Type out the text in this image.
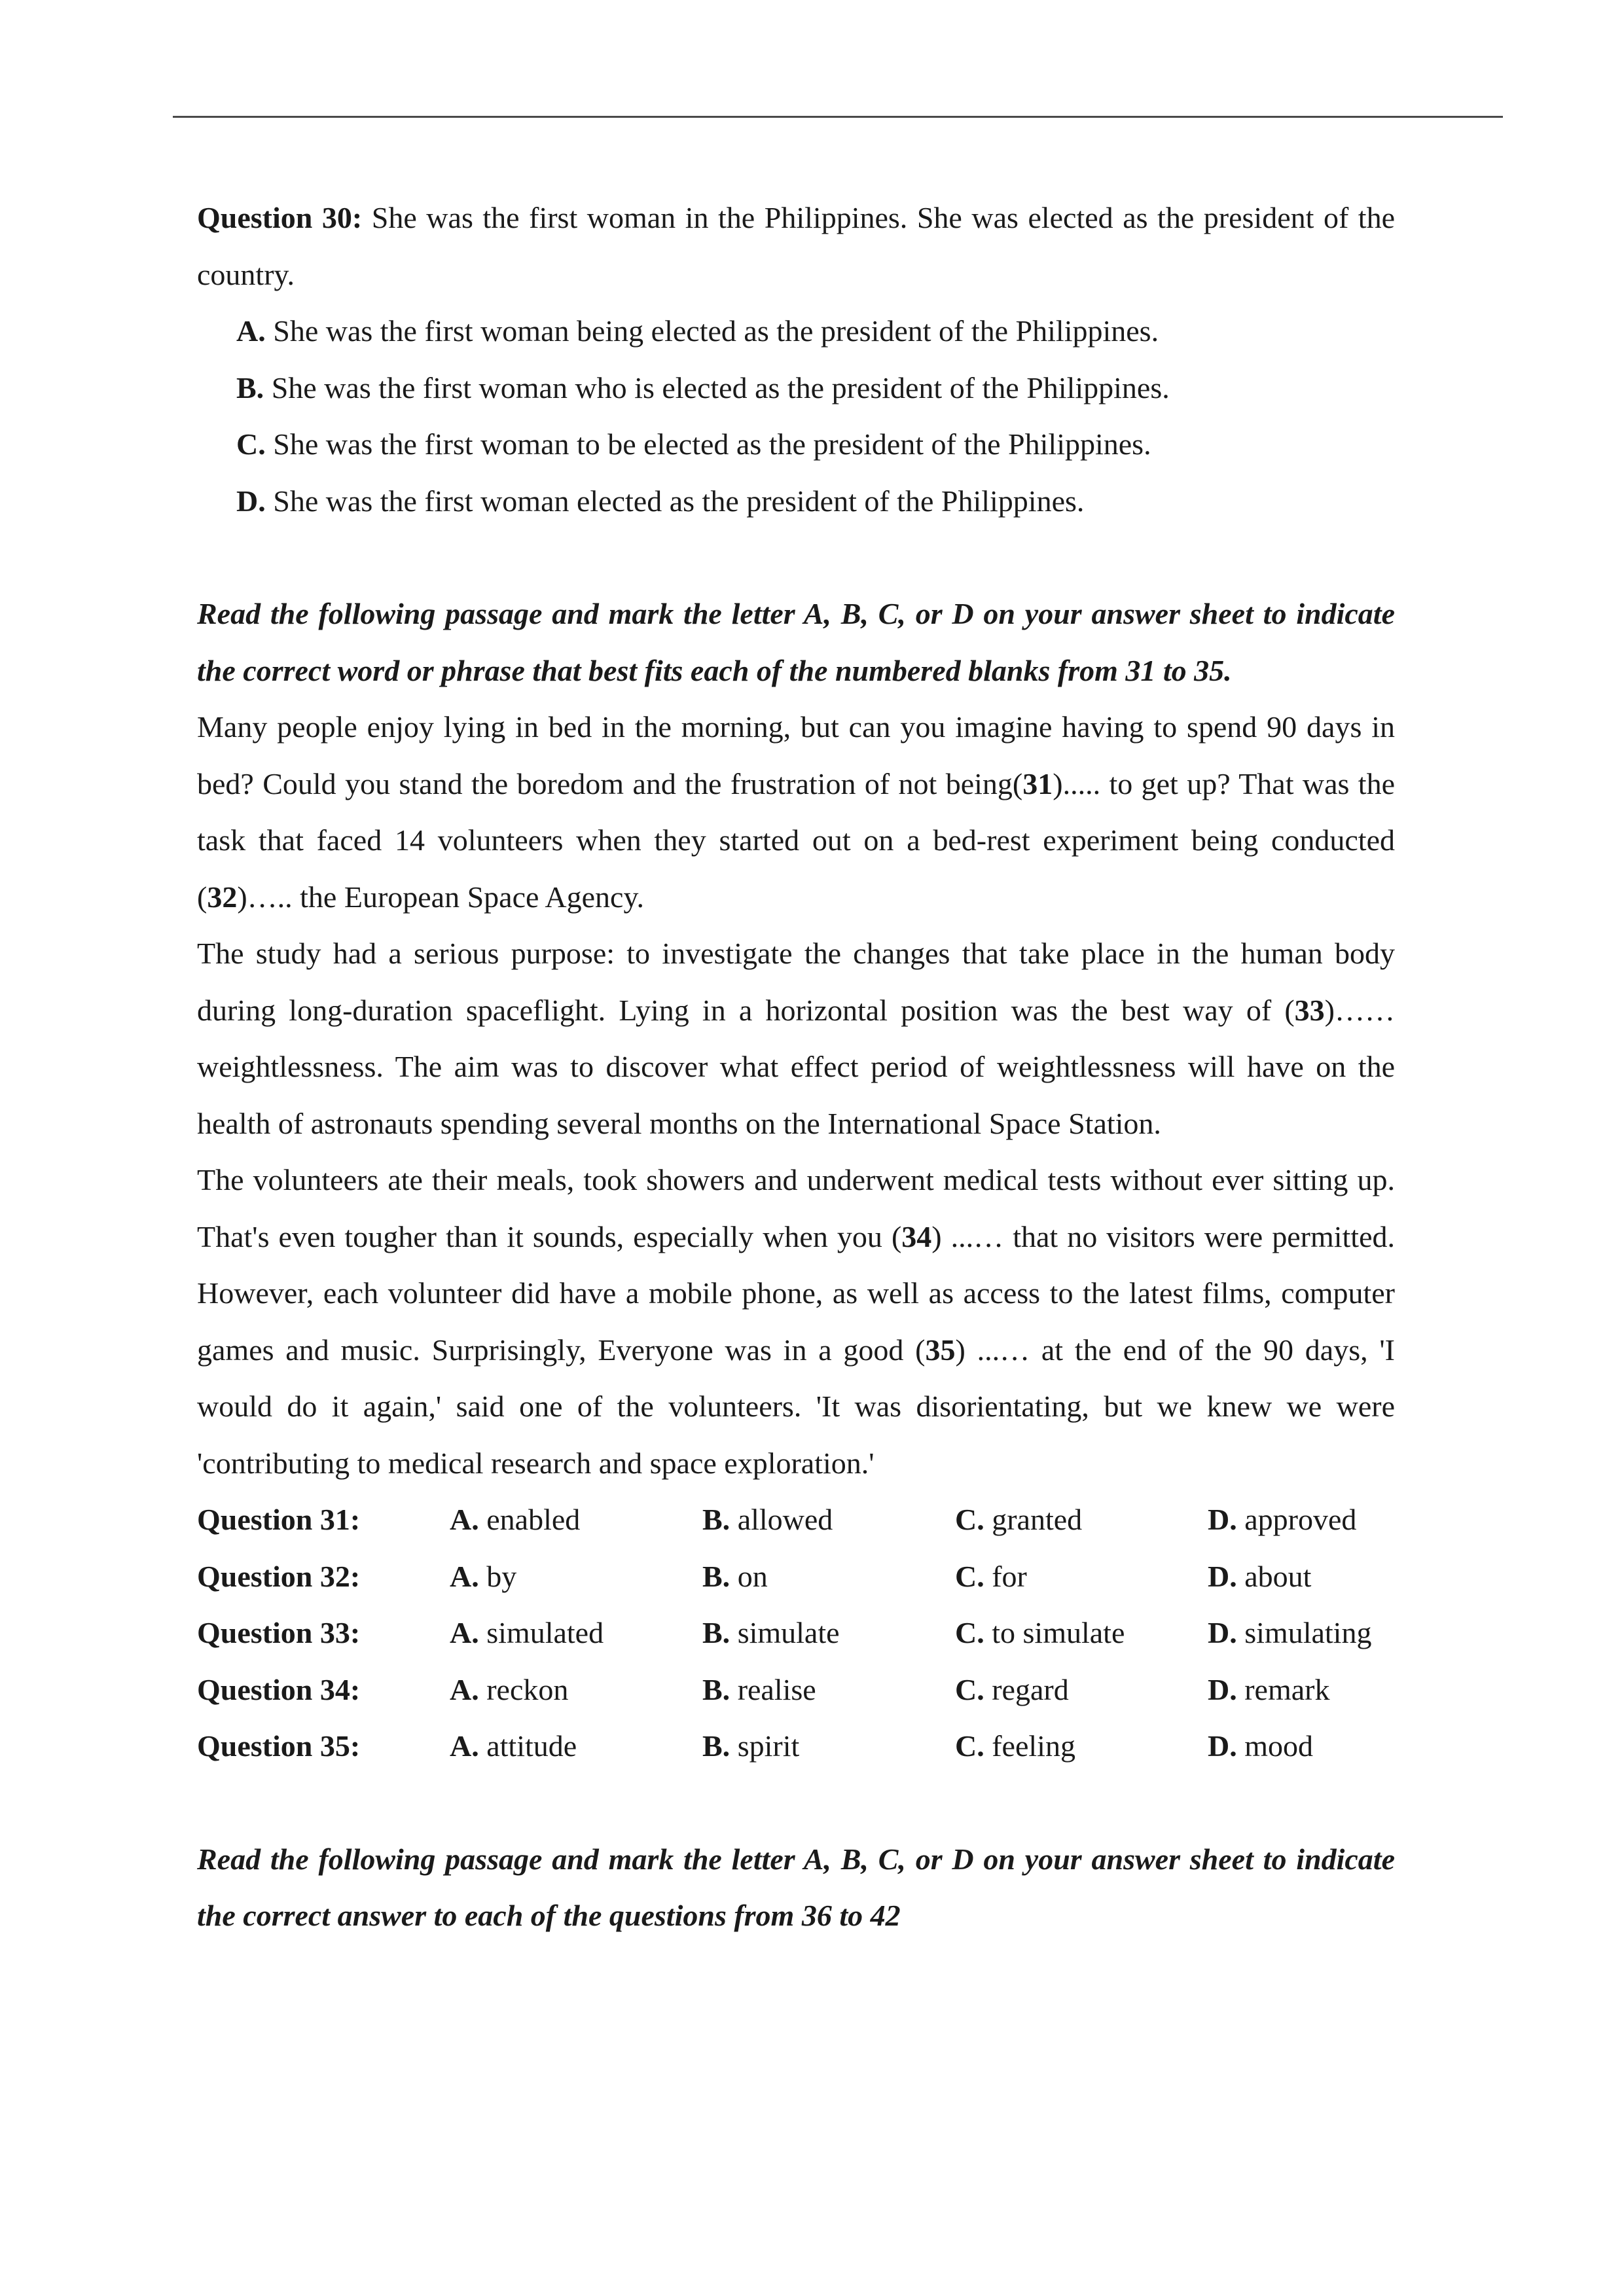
Question 30: She was the first woman in the Philippines. She was elected as the president of the country.

A. She was the first woman being elected as the president of the Philippines.

B. She was the first woman who is elected as the president of the Philippines.

C. She was the first woman to be elected as the president of the Philippines.

D. She was the first woman elected as the president of the Philippines.

Read the following passage and mark the letter A, B, C, or D on your answer sheet to indicate the correct word or phrase that best fits each of the numbered blanks from 31 to 35.

Many people enjoy lying in bed in the morning, but can you imagine having to spend 90 days in bed? Could you stand the boredom and the frustration of not being(31)..... to get up? That was the task that faced 14 volunteers when they started out on a bed-rest experiment being conducted (32)….. the European Space Agency.

The study had a serious purpose: to investigate the changes that take place in the human body during long-duration spaceflight. Lying in a horizontal position was the best way of (33)…… weightlessness. The aim was to discover what effect period of weightlessness will have on the health of astronauts spending several months on the International Space Station.

The volunteers ate their meals, took showers and underwent medical tests without ever sitting up. That's even tougher than it sounds, especially when you (34) ...… that no visitors were permitted. However, each volunteer did have a mobile phone, as well as access to the latest films, computer games and music. Surprisingly, Everyone was in a good (35) ...… at the end of the 90 days, 'I would do it again,' said one of the volunteers. 'It was disorientating, but we knew we were 'contributing to medical research and space exploration.'

Question 31:	A. enabled	B. allowed	C. granted	D. approved
Question 32:	A. by	B. on	C. for	D. about
Question 33:	A. simulated	B. simulate	C. to simulate	D. simulating
Question 34:	A. reckon	B. realise	C. regard	D. remark
Question 35:	A. attitude	B. spirit	C. feeling	D. mood

Read the following passage and mark the letter A, B, C, or D on your answer sheet to indicate the correct answer to each of the questions from 36 to 42
